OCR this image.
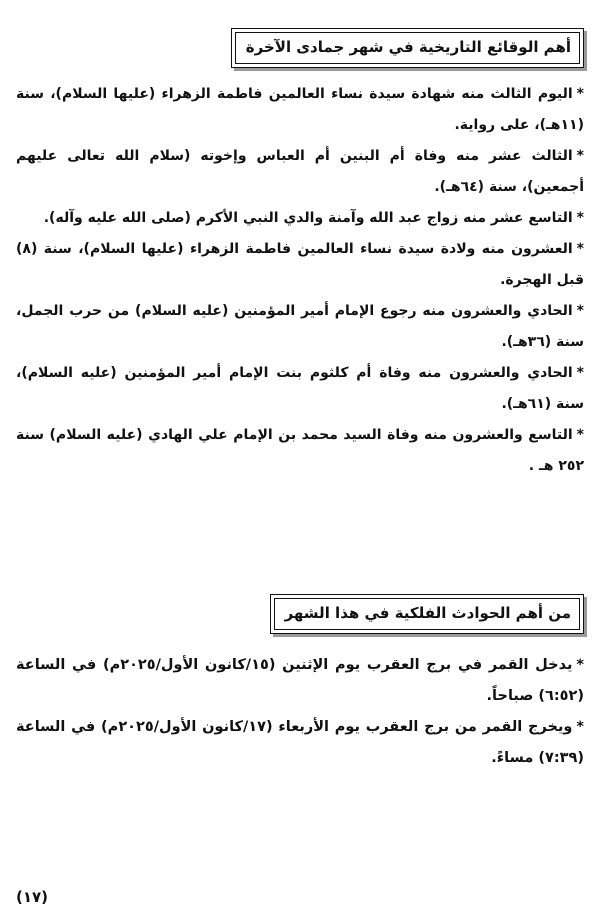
أهم الوقائع التاريخية في شهر جمادى الآخرة
*اليوم الثالث منه شهادة سيدة نساء العالمين فاطمة الزهراء (عليها السلام)، سنة (١١هـ)، على رواية.
*الثالث عشر منه وفاة أم البنين أم العباس وإخوته (سلام الله تعالى عليهم أجمعين)، سنة (٦٤هـ).
*التاسع عشر منه زواج عبد الله وآمنة والدي النبي الأكرم (صلى الله عليه وآله).
*العشرون منه ولادة سيدة نساء العالمين فاطمة الزهراء (عليها السلام)، سنة (٨) قبل الهجرة.
*الحادي والعشرون منه رجوع الإمام أمير المؤمنين (عليه السلام) من حرب الجمل، سنة (٣٦هـ).
*الحادي والعشرون منه وفاة أم كلثوم بنت الإمام أمير المؤمنين (عليه السلام)، سنة (٦١هـ).
*التاسع والعشرون منه وفاة السيد محمد بن الإمام علي الهادي (عليه السلام) سنة ٢٥٢ هـ .
من أهم الحوادث الفلكية في هذا الشهر
*يدخل القمر في برج العقرب يوم الإثنين (١٥/كانون الأول/٢٠٢٥م) في الساعة (٦:٥٢) صباحاً.
*ويخرج القمر من برج العقرب يوم الأربعاء (١٧/كانون الأول/٢٠٢٥م) في الساعة (٧:٣٩) مساءً.
(١٧)
